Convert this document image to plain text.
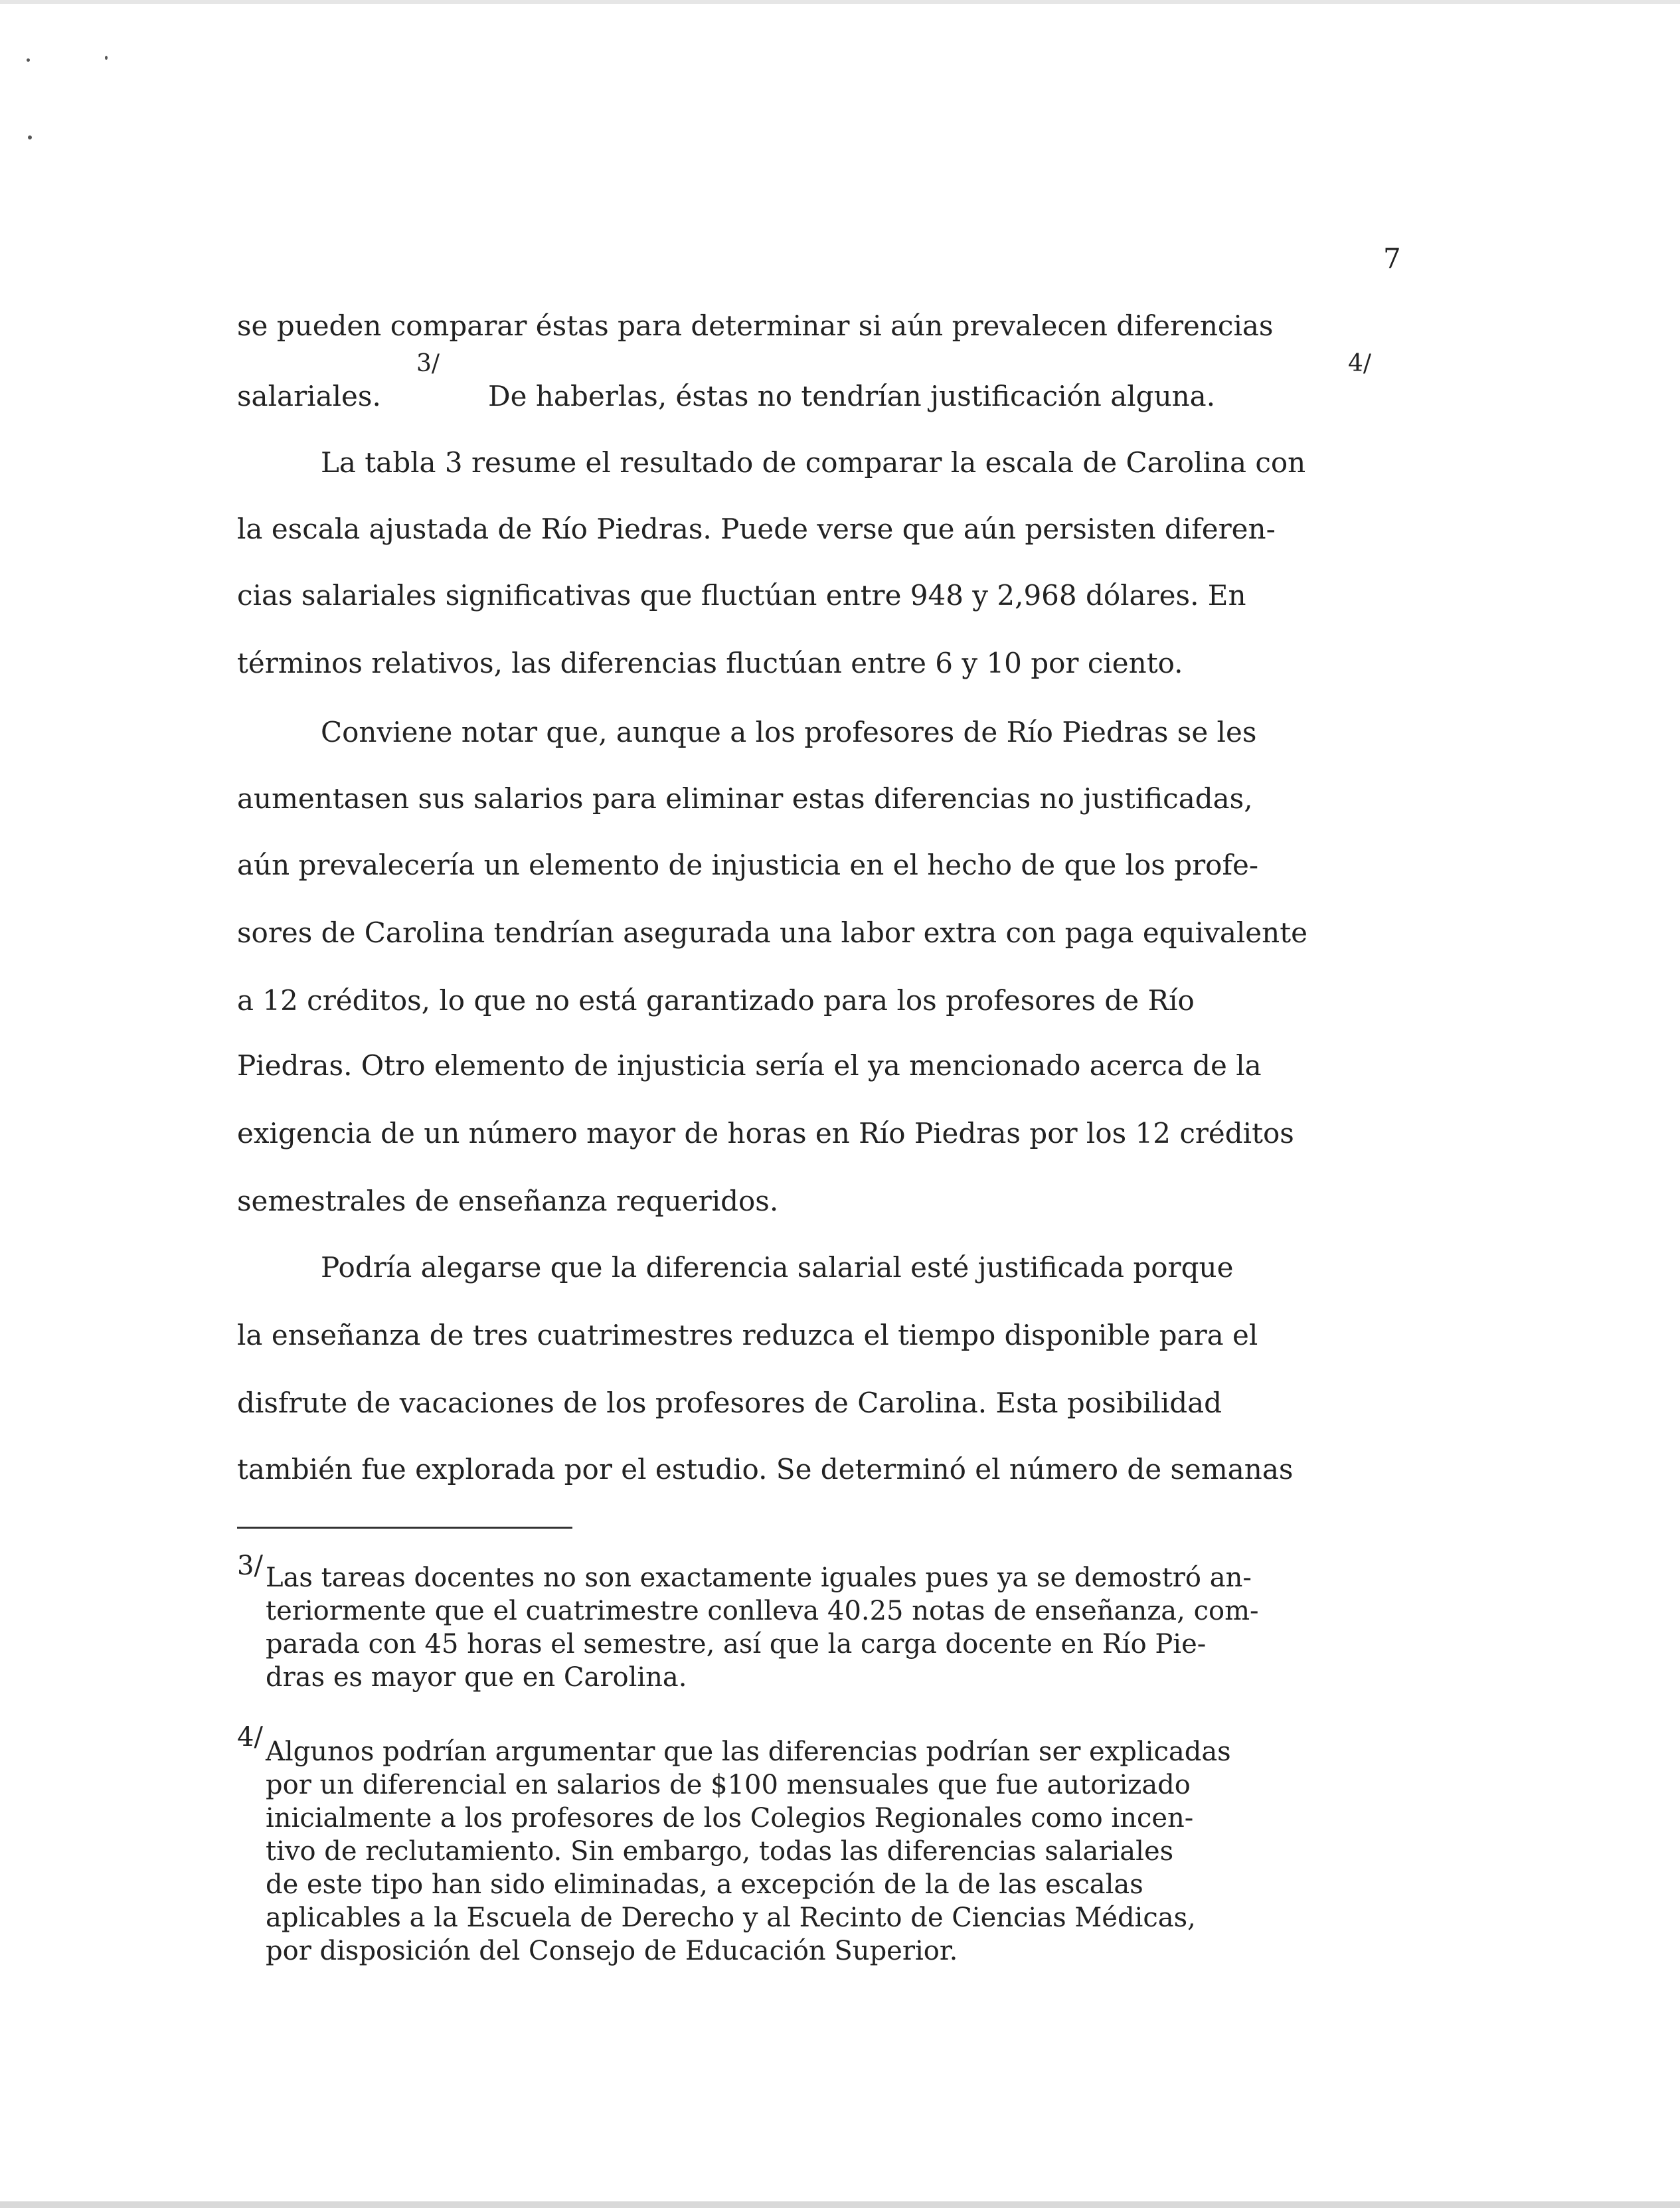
7
se pueden comparar éstas para determinar si aún prevalecen diferencias
salariales.
3/
De haberlas, éstas no tendrían justificación alguna.
4/
La tabla 3 resume el resultado de comparar la escala de Carolina con
la escala ajustada de Río Piedras. Puede verse que aún persisten diferen-
cias salariales significativas que fluctúan entre 948 y 2,968 dólares. En
términos relativos, las diferencias fluctúan entre 6 y 10 por ciento.
Conviene notar que, aunque a los profesores de Río Piedras se les
aumentasen sus salarios para eliminar estas diferencias no justificadas,
aún prevalecería un elemento de injusticia en el hecho de que los profe-
sores de Carolina tendrían asegurada una labor extra con paga equivalente
a 12 créditos, lo que no está garantizado para los profesores de Río
Piedras. Otro elemento de injusticia sería el ya mencionado acerca de la
exigencia de un número mayor de horas en Río Piedras por los 12 créditos
semestrales de enseñanza requeridos.
Podría alegarse que la diferencia salarial esté justificada porque
la enseñanza de tres cuatrimestres reduzca el tiempo disponible para el
disfrute de vacaciones de los profesores de Carolina. Esta posibilidad
también fue explorada por el estudio. Se determinó el número de semanas
3/ Las tareas docentes no son exactamente iguales pues ya se demostró an-
teriormente que el cuatrimestre conlleva 40.25 notas de enseñanza, com-
parada con 45 horas el semestre, así que la carga docente en Río Pie-
dras es mayor que en Carolina.
4/ Algunos podrían argumentar que las diferencias podrían ser explicadas
por un diferencial en salarios de $100 mensuales que fue autorizado
inicialmente a los profesores de los Colegios Regionales como incen-
tivo de reclutamiento. Sin embargo, todas las diferencias salariales
de este tipo han sido eliminadas, a excepción de la de las escalas
aplicables a la Escuela de Derecho y al Recinto de Ciencias Médicas,
por disposición del Consejo de Educación Superior.
